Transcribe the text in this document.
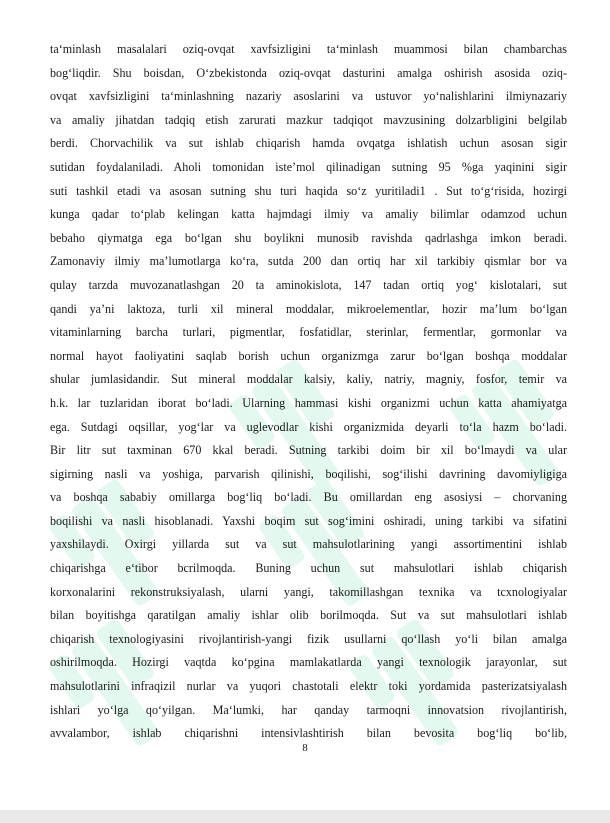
ta‘minlash masalalari oziq-ovqat xavfsizligini ta‘minlash muammosi bilan chambarchas
bog‘liqdir. Shu boisdan, O‘zbekistonda oziq-ovqat dasturini amalga oshirish asosida oziq-
ovqat xavfsizligini ta‘minlashning nazariy asoslarini va ustuvor yo‘nalishlarini ilmiynazariy
va amaliy jihatdan tadqiq etish zarurati mazkur tadqiqot mavzusining dolzarbligini belgilab
berdi. Chorvachilik va sut ishlab chiqarish hamda ovqatga ishlatish uchun asosan sigir
sutidan foydalaniladi. Aholi tomonidan iste’mol qilinadigan sutning 95 %ga yaqinini sigir
suti tashkil etadi va asosan sutning shu turi haqida so‘z yuritiladi1 . Sut to‘g‘risida, hozirgi
kunga qadar to‘plab kelingan katta hajmdagi ilmiy va amaliy bilimlar odamzod uchun
bebaho qiymatga ega bo‘lgan shu boylikni munosib ravishda qadrlashga imkon beradi.
Zamonaviy ilmiy ma’lumotlarga ko‘ra, sutda 200 dan ortiq har xil tarkibiy qismlar bor va
qulay tarzda muvozanatlashgan 20 ta aminokislota, 147 tadan ortiq yog‘ kislotalari, sut
qandi ya’ni laktoza, turli xil mineral moddalar, mikroelementlar, hozir ma’lum bo‘lgan
vitaminlarning barcha turlari, pigmentlar, fosfatidlar, sterinlar, fermentlar, gormonlar va
normal hayot faoliyatini saqlab borish uchun organizmga zarur bo‘lgan boshqa moddalar
shular jumlasidandir. Sut mineral moddalar kalsiy, kaliy, natriy, magniy, fosfor, temir va
h.k. lar tuzlaridan iborat bo‘ladi. Ularning hammasi kishi organizmi uchun katta ahamiyatga
ega. Sutdagi oqsillar, yog‘lar va uglevodlar kishi organizmida deyarli to‘la hazm bo‘ladi.
Bir litr sut taxminan 670 kkal beradi. Sutning tarkibi doim bir xil bo‘lmaydi va ular
sigirning nasli va yoshiga, parvarish qilinishi, boqilishi, sog‘ilishi davrining davomiyligiga
va boshqa sababiy omillarga bog‘liq bo‘ladi. Bu omillardan eng asosiysi – chorvaning
boqilishi va nasli hisoblanadi. Yaxshi boqim sut sog‘imini oshiradi, uning tarkibi va sifatini
yaxshilaydi. Oxirgi yillarda sut va sut mahsulotlarining yangi assortimentini ishlab
chiqarishga e‘tibor bcrilmoqda. Buning uchun sut mahsulotlari ishlab chiqarish
korxonalarini rekonstruksiyalash, ularni yangi, takomillashgan texnika va tcxnologiyalar
bilan boyitishga qaratilgan amaliy ishlar olib borilmoqda. Sut va sut mahsulotlari ishlab
chiqarish texnologiyasini rivojlantirish-yangi fizik usullarni qo‘llash yo‘li bilan amalga
oshirilmoqda. Hozirgi vaqtda ko‘pgina mamlakatlarda yangi texnologik jarayonlar, sut
mahsulotlarini infraqizil nurlar va yuqori chastotali elektr toki yordamida pasterizatsiyalash
ishlari yo‘lga qo‘yilgan. Ma‘lumki, har qanday tarmoqni innovatsion rivojlantirish,
avvalambor, ishlab chiqarishni intensivlashtirish bilan bevosita bog‘liq bo‘lib,
8
